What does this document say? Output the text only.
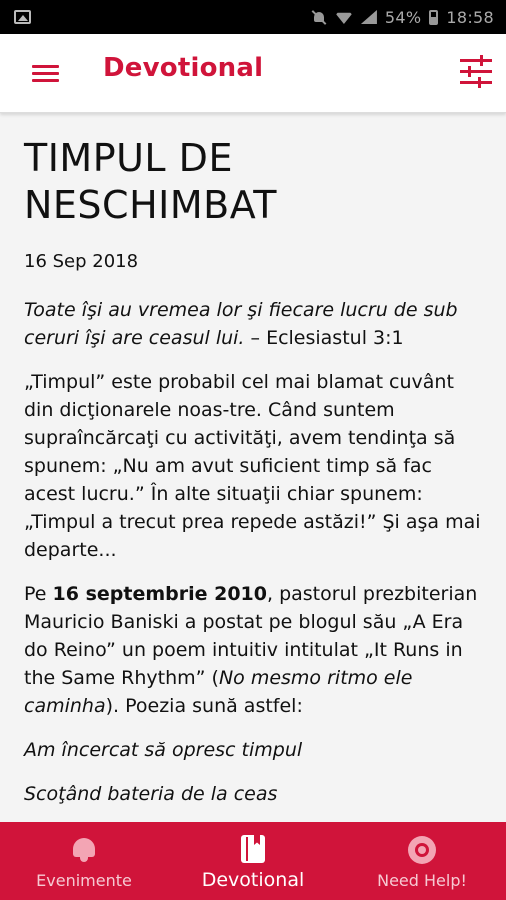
54% 18:58
Devotional
TIMPUL DE
NESCHIMBAT

16 Sep 2018

Toate îşi au vremea lor şi fiecare lucru de sub ceruri îşi are ceasul lui. – Eclesiastul 3:1

„Timpul” este probabil cel mai blamat cuvânt din dicţionarele noas-tre. Când suntem supraîncărcaţi cu activităţi, avem tendinţa să spunem: „Nu am avut suficient timp să fac acest lucru.” În alte situaţii chiar spunem: „Timpul a trecut prea repede astăzi!” Şi aşa mai departe...

Pe 16 septembrie 2010, pastorul prezbiterian Mauricio Baniski a postat pe blogul său „A Era do Reino” un poem intuitiv intitulat „It Runs in the Same Rhythm” (No mesmo ritmo ele caminha). Poezia sună astfel:

Am încercat să opresc timpul

Scoţând bateria de la ceas

Evenimente	Devotional	Need Help!
